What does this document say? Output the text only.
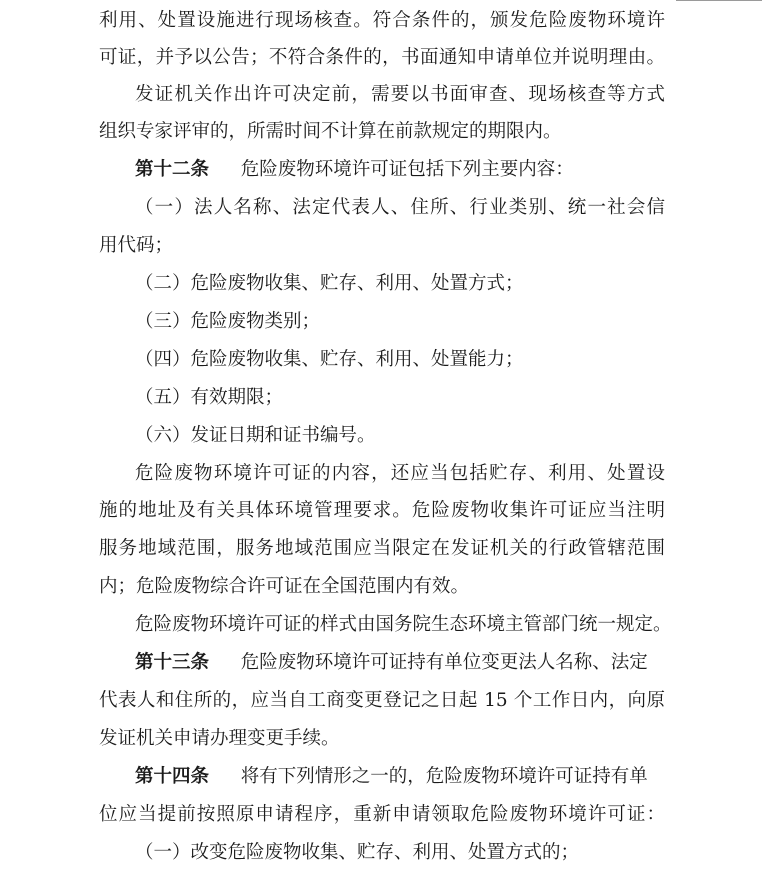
利用、处置设施进行现场核查。符合条件的，颁发危险废物环境许
可证，并予以公告；不符合条件的，书面通知申请单位并说明理由。
发证机关作出许可决定前，需要以书面审查、现场核查等方式
组织专家评审的，所需时间不计算在前款规定的期限内。
第十二条 危险废物环境许可证包括下列主要内容：
（一）法人名称、法定代表人、住所、行业类别、统一社会信
用代码；
（二）危险废物收集、贮存、利用、处置方式；
（三）危险废物类别；
（四）危险废物收集、贮存、利用、处置能力；
（五）有效期限；
（六）发证日期和证书编号。
危险废物环境许可证的内容，还应当包括贮存、利用、处置设
施的地址及有关具体环境管理要求。危险废物收集许可证应当注明
服务地域范围，服务地域范围应当限定在发证机关的行政管辖范围
内；危险废物综合许可证在全国范围内有效。
危险废物环境许可证的样式由国务院生态环境主管部门统一规定。
第十三条 危险废物环境许可证持有单位变更法人名称、法定
代表人和住所的，应当自工商变更登记之日起 15 个工作日内，向原
发证机关申请办理变更手续。
第十四条 将有下列情形之一的，危险废物环境许可证持有单
位应当提前按照原申请程序，重新申请领取危险废物环境许可证：
（一）改变危险废物收集、贮存、利用、处置方式的；
